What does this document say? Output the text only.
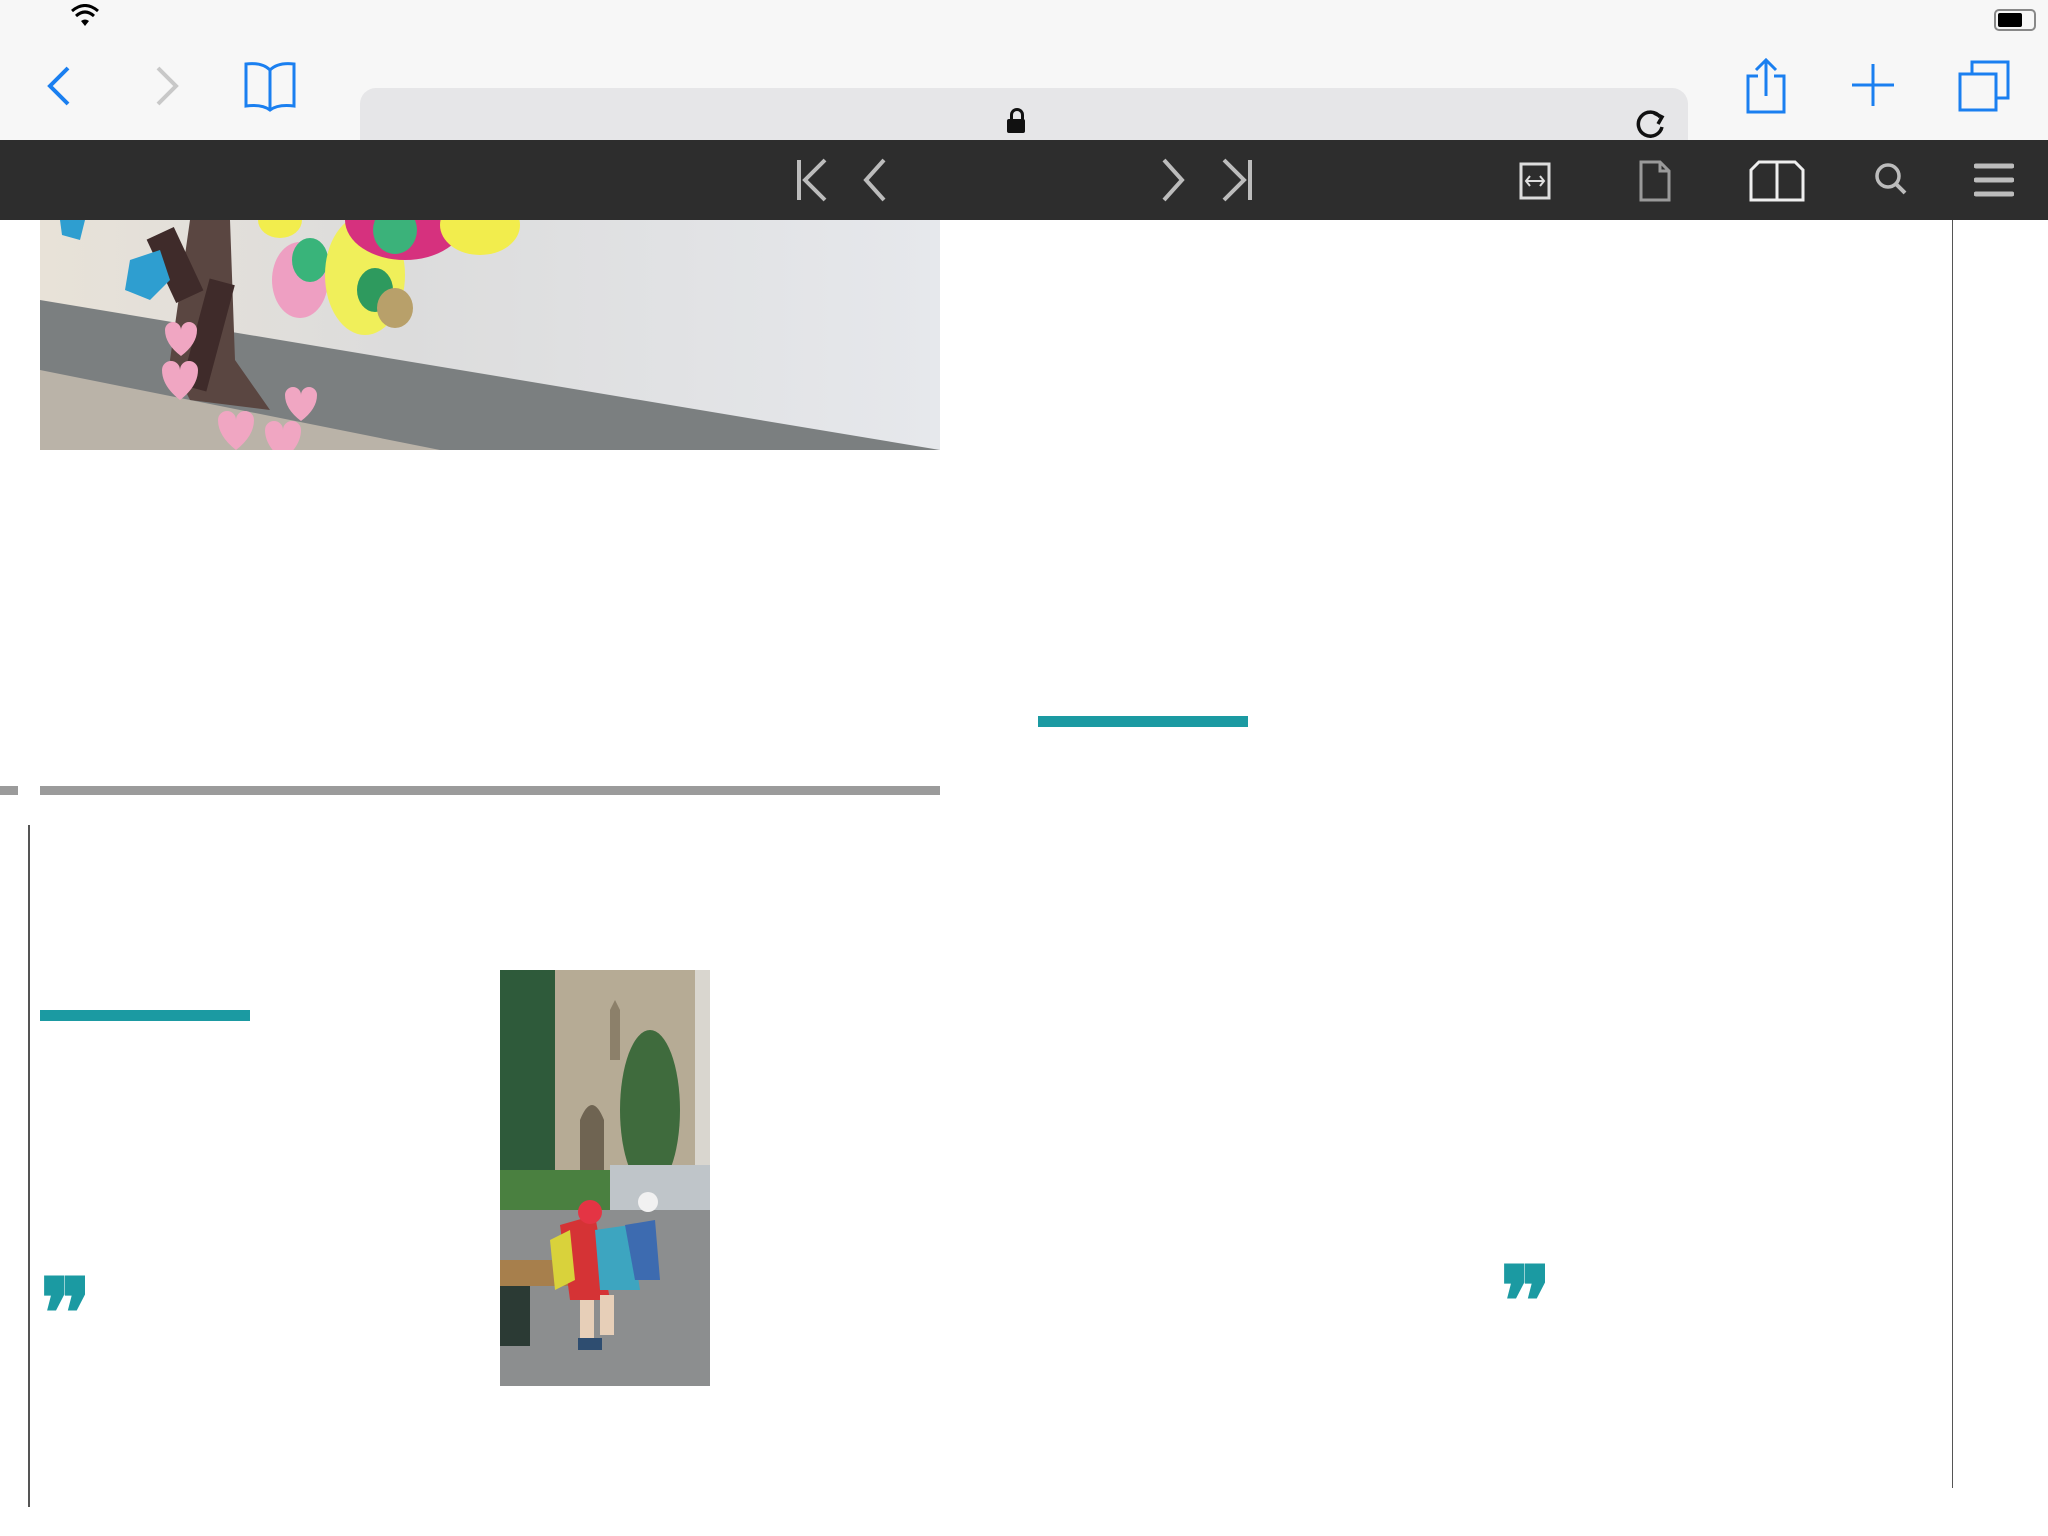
❞	❞
